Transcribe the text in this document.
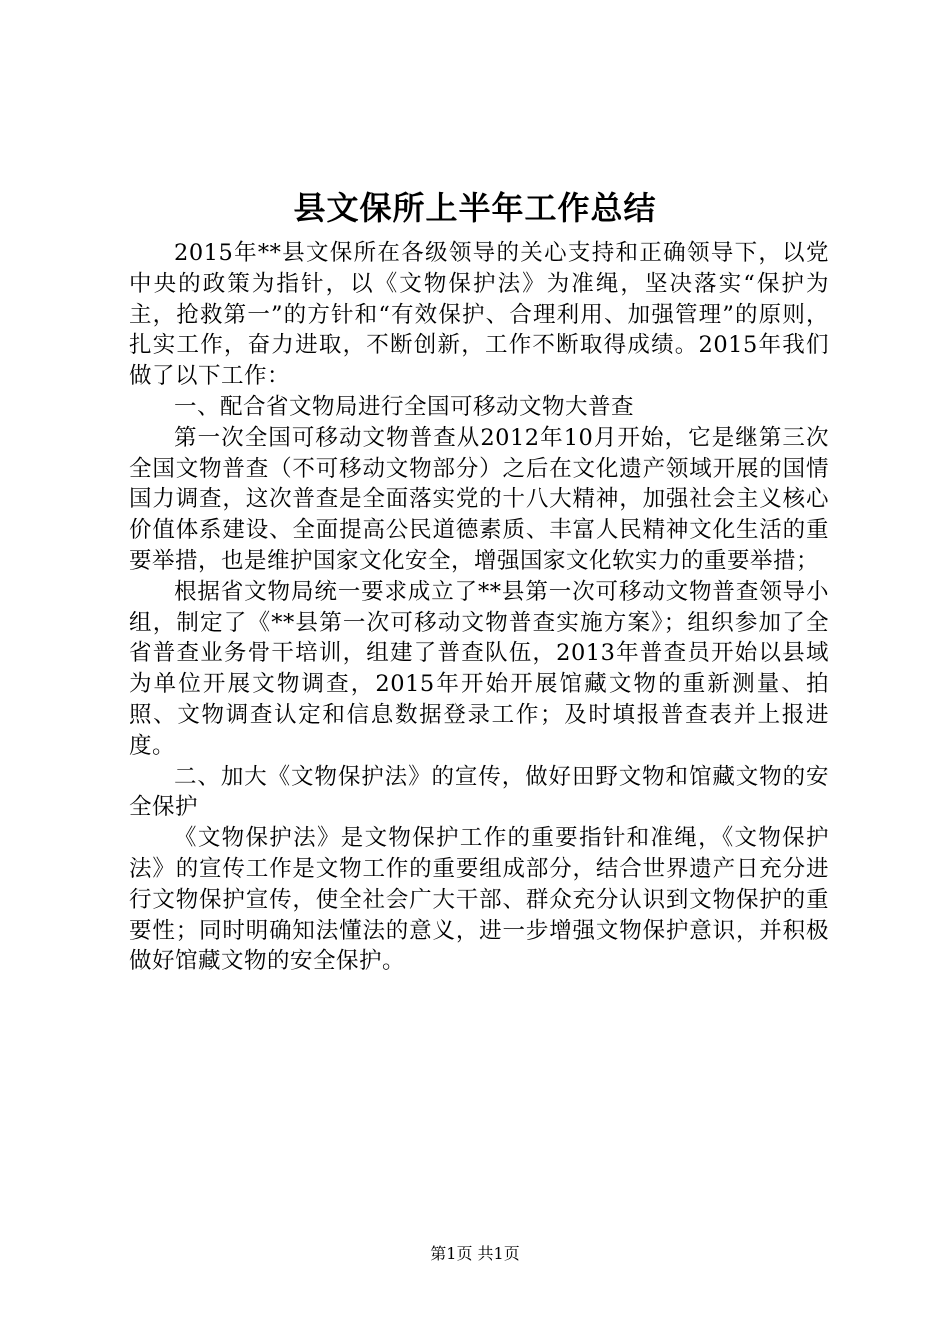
县文保所上半年工作总结

2015年**县文保所在各级领导的关心支持和正确领导下，以党中央的政策为指针，以《文物保护法》为准绳，坚决落实“保护为主，抢救第一”的方针和“有效保护、合理利用、加强管理”的原则，扎实工作，奋力进取，不断创新，工作不断取得成绩。2015年我们做了以下工作：

一、配合省文物局进行全国可移动文物大普查

第一次全国可移动文物普查从2012年10月开始，它是继第三次全国文物普查（不可移动文物部分）之后在文化遗产领域开展的国情国力调查，这次普查是全面落实党的十八大精神，加强社会主义核心价值体系建设、全面提高公民道德素质、丰富人民精神文化生活的重要举措，也是维护国家文化安全，增强国家文化软实力的重要举措；

根据省文物局统一要求成立了**县第一次可移动文物普查领导小组，制定了《**县第一次可移动文物普查实施方案》；组织参加了全省普查业务骨干培训，组建了普查队伍，2013年普查员开始以县域为单位开展文物调查，2015年开始开展馆藏文物的重新测量、拍照、文物调查认定和信息数据登录工作；及时填报普查表并上报进度。

二、加大《文物保护法》的宣传，做好田野文物和馆藏文物的安全保护

《文物保护法》是文物保护工作的重要指针和准绳，《文物保护法》的宣传工作是文物工作的重要组成部分，结合世界遗产日充分进行文物保护宣传，使全社会广大干部、群众充分认识到文物保护的重要性；同时明确知法懂法的意义，进一步增强文物保护意识，并积极做好馆藏文物的安全保护。

第1页 共1页
